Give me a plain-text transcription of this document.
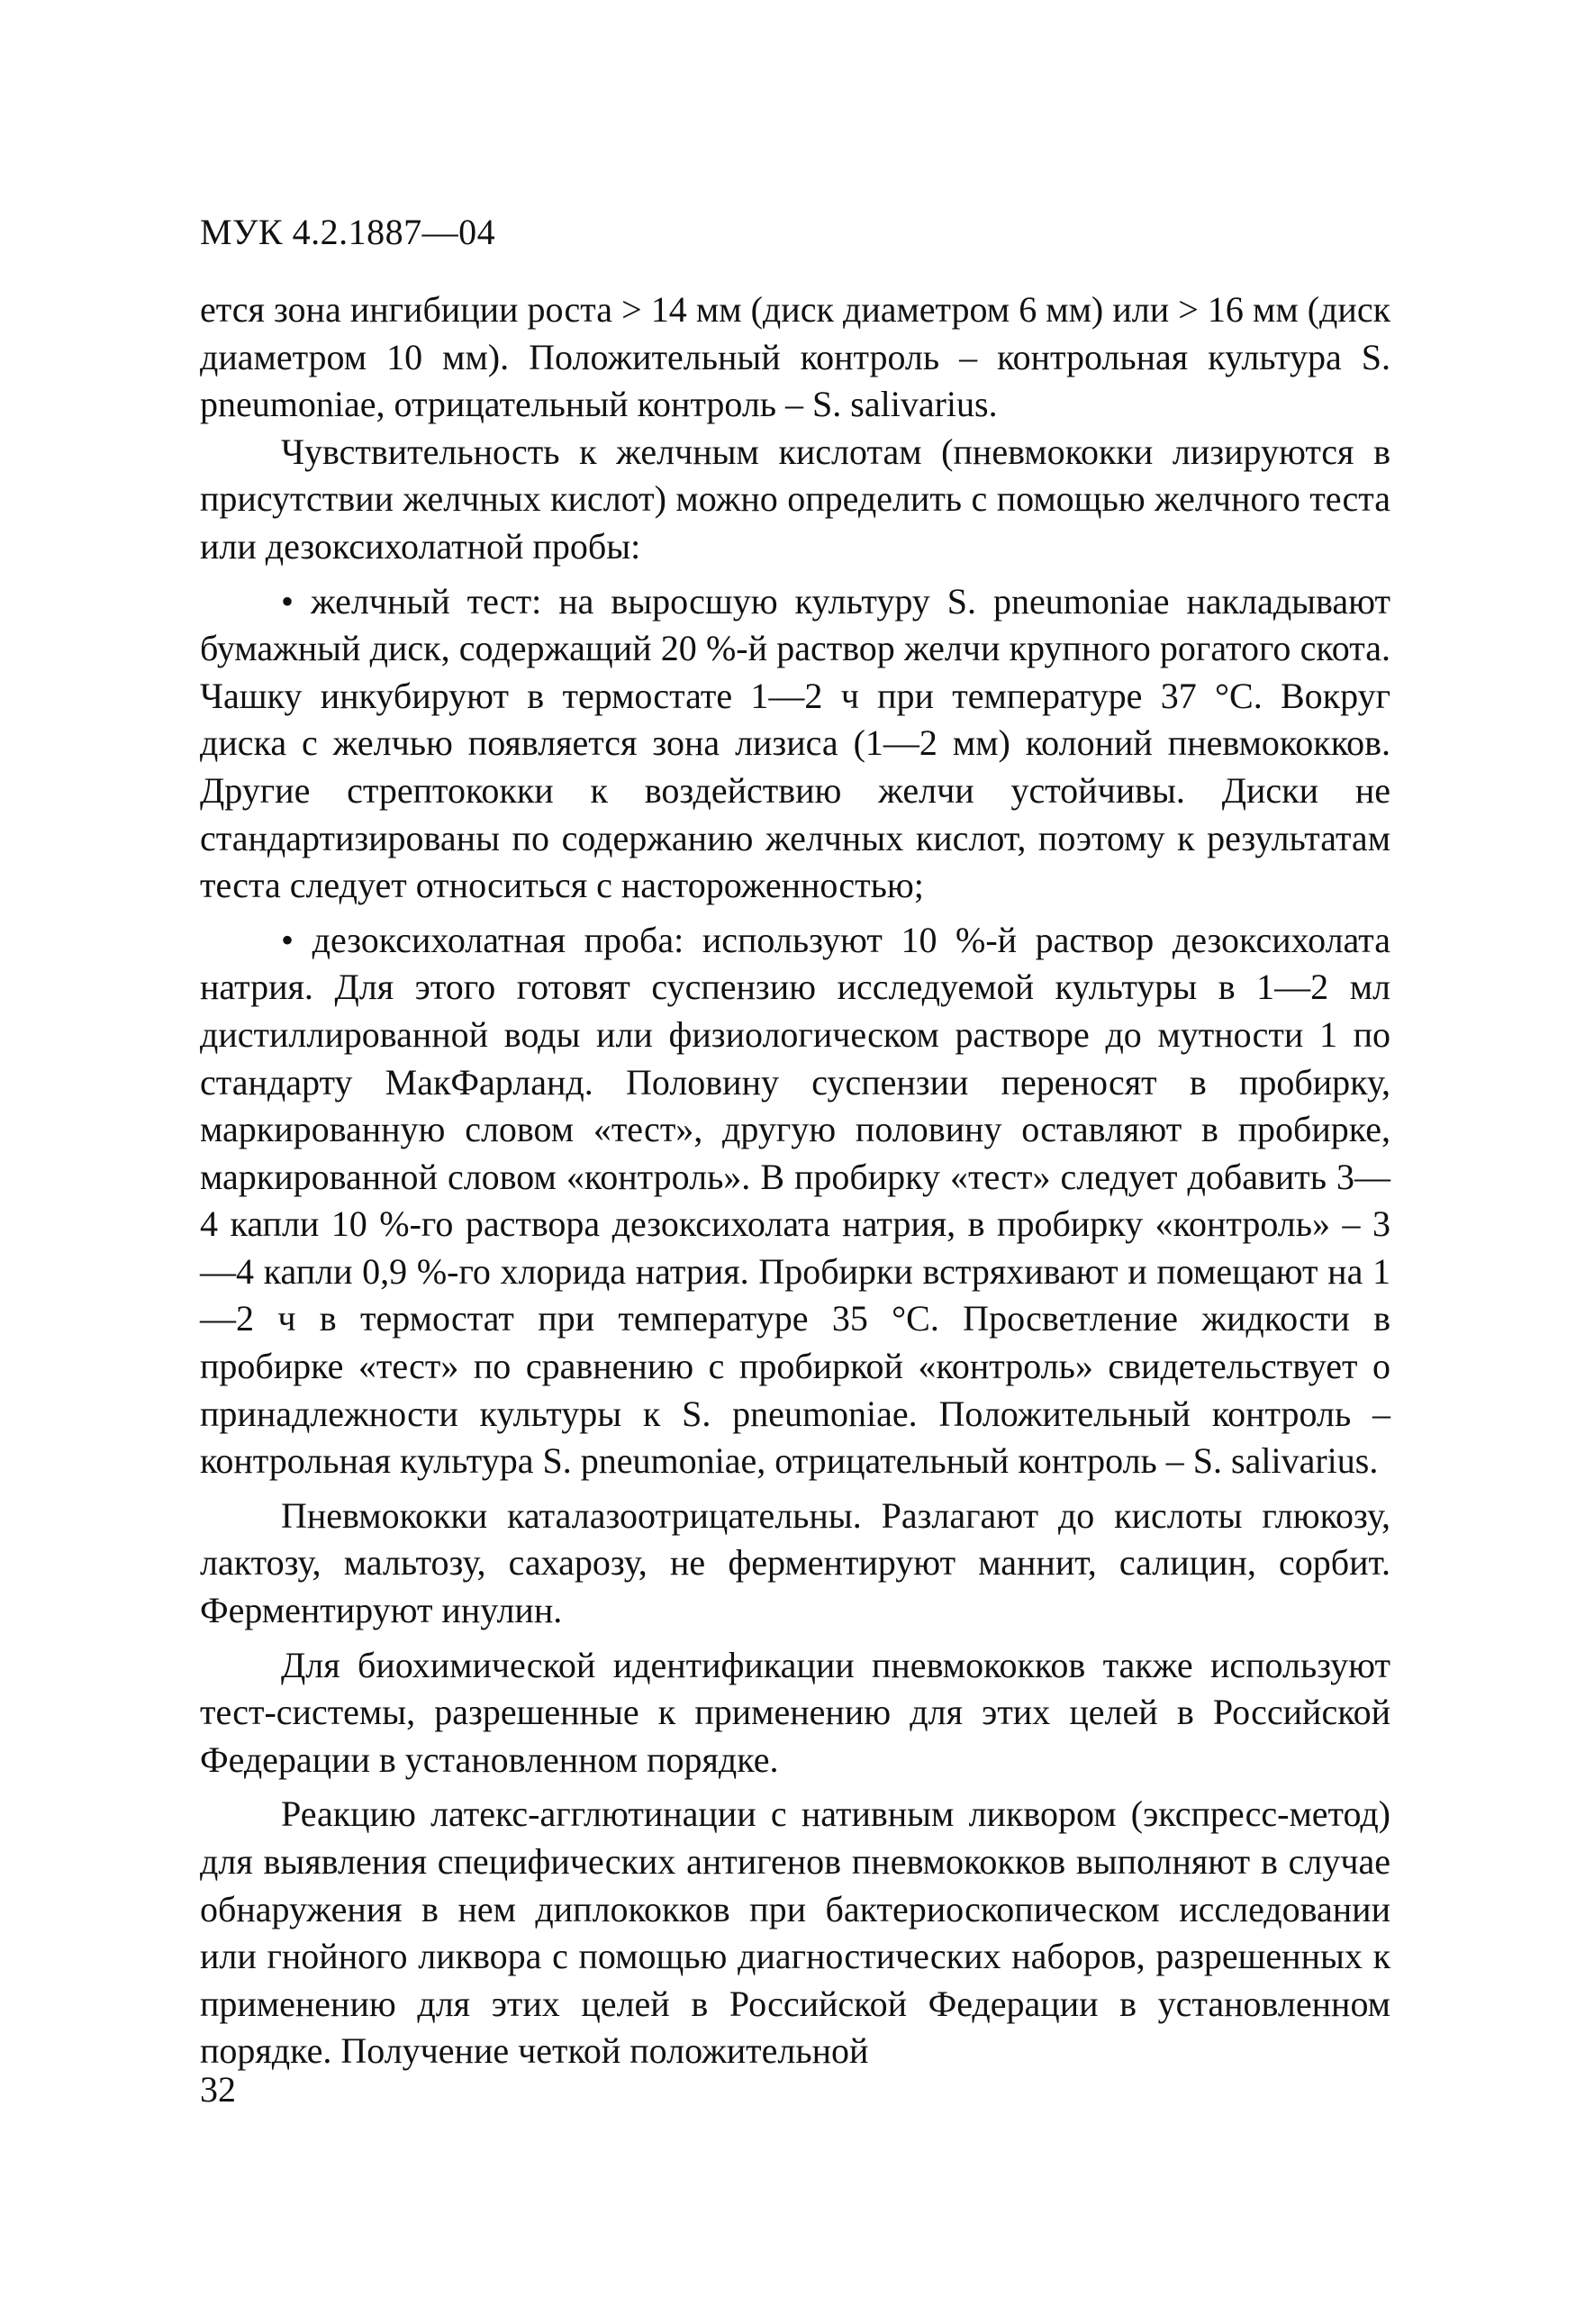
МУК 4.2.1887—04

ется зона ингибиции роста > 14 мм (диск диаметром 6 мм) или > 16 мм (диск диаметром 10 мм). Положительный контроль – контрольная культура S. pneumoniae, отрицательный контроль – S. salivarius.

Чувствительность к желчным кислотам (пневмококки лизируются в присутствии желчных кислот) можно определить с помощью желчного теста или дезоксихолатной пробы:

• желчный тест: на выросшую культуру S. pneumoniae накладывают бумажный диск, содержащий 20 %-й раствор желчи крупного рогатого скота. Чашку инкубируют в термостате 1—2 ч при температуре 37 °С. Вокруг диска с желчью появляется зона лизиса (1—2 мм) колоний пневмококков. Другие стрептококки к воздействию желчи устойчивы. Диски не стандартизированы по содержанию желчных кислот, поэтому к результатам теста следует относиться с настороженностью;

• дезоксихолатная проба: используют 10 %-й раствор дезоксихолата натрия. Для этого готовят суспензию исследуемой культуры в 1—2 мл дистиллированной воды или физиологическом растворе до мутности 1 по стандарту МакФарланд. Половину суспензии переносят в пробирку, маркированную словом «тест», другую половину оставляют в пробирке, маркированной словом «контроль». В пробирку «тест» следует добавить 3—4 капли 10 %-го раствора дезоксихолата натрия, в пробирку «контроль» – 3—4 капли 0,9 %-го хлорида натрия. Пробирки встряхивают и помещают на 1—2 ч в термостат при температуре 35 °С. Просветление жидкости в пробирке «тест» по сравнению с пробиркой «контроль» свидетельствует о принадлежности культуры к S. pneumoniae. Положительный контроль – контрольная культура S. pneumoniae, отрицательный контроль – S. salivarius.

Пневмококки каталазоотрицательны. Разлагают до кислоты глюкозу, лактозу, мальтозу, сахарозу, не ферментируют маннит, салицин, сорбит. Ферментируют инулин.

Для биохимической идентификации пневмококков также используют тест-системы, разрешенные к применению для этих целей в Российской Федерации в установленном порядке.

Реакцию латекс-агглютинации с нативным ликвором (экспресс-метод) для выявления специфических антигенов пневмококков выполняют в случае обнаружения в нем диплококков при бактериоскопическом исследовании или гнойного ликвора с помощью диагностических наборов, разрешенных к применению для этих целей в Российской Федерации в установленном порядке. Получение четкой положительной

32
